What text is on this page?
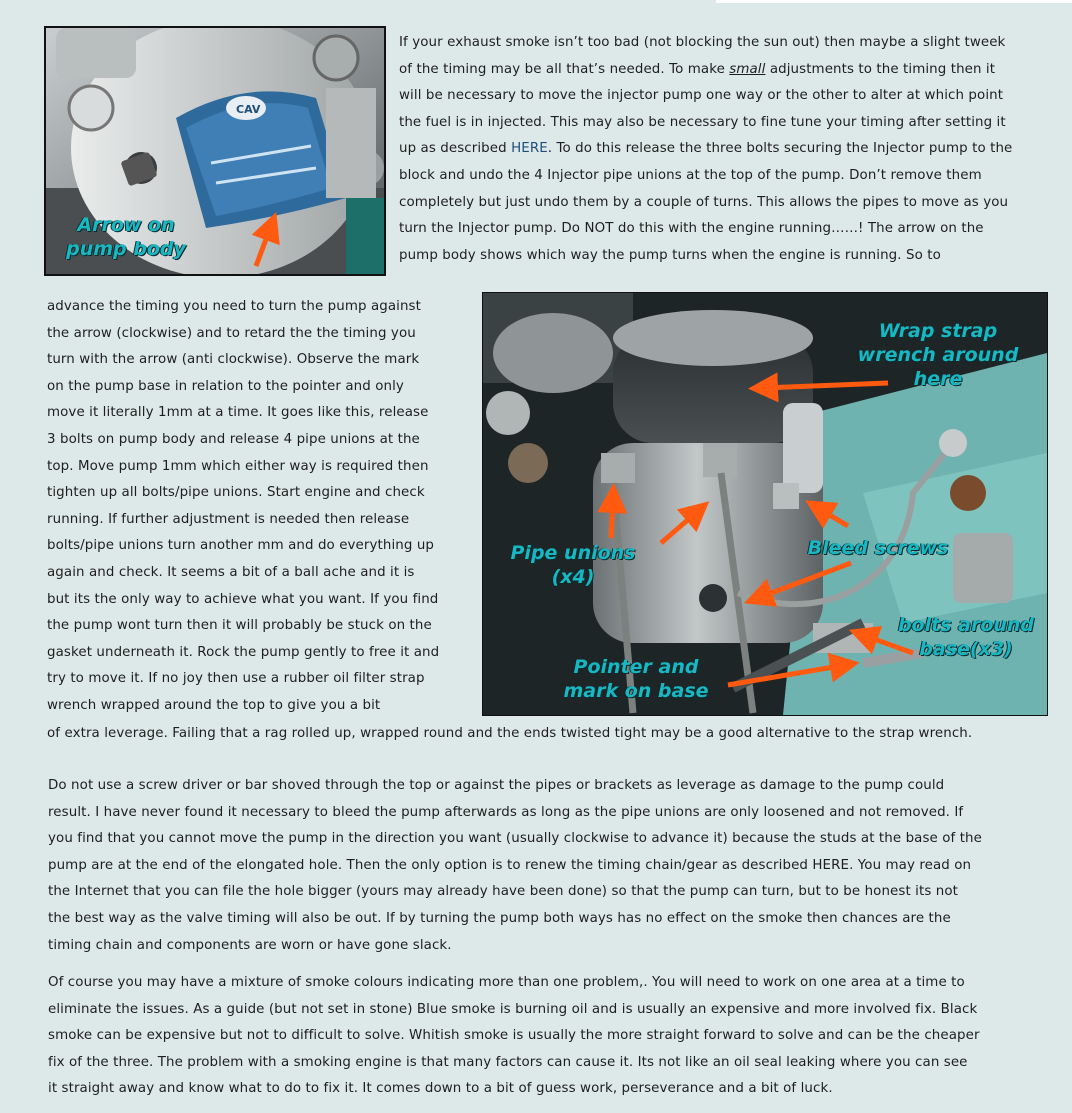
CAV
Arrow on
pump body
If your exhaust smoke isn’t too bad (not blocking the sun out) then maybe a slight tweek
of the timing may be all that’s needed. To make small adjustments to the timing then it
will be necessary to move the injector pump one way or the other to alter at which point
the fuel is in injected. This may also be necessary to fine tune your timing after setting it
up as described HERE. To do this release the three bolts securing the Injector pump to the
block and undo the 4 Injector pipe unions at the top of the pump. Don’t remove them
completely but just undo them by a couple of turns. This allows the pipes to move as you
turn the Injector pump. Do NOT do this with the engine running……! The arrow on the
pump body shows which way the pump turns when the engine is running. So to
advance the timing you need to turn the pump against
the arrow (clockwise) and to retard the the timing you
turn with the arrow (anti clockwise). Observe the mark
on the pump base in relation to the pointer and only
move it literally 1mm at a time. It goes like this, release
3 bolts on pump body and release 4 pipe unions at the
top. Move pump 1mm which either way is required then
tighten up all bolts/pipe unions. Start engine and check
running. If further adjustment is needed then release
bolts/pipe unions turn another mm and do everything up
again and check. It seems a bit of a ball ache and it is
but its the only way to achieve what you want. If you find
the pump wont turn then it will probably be stuck on the
gasket underneath it. Rock the pump gently to free it and
try to move it. If no joy then use a rubber oil filter strap
wrench wrapped around the top to give you a bit
of extra leverage. Failing that a rag rolled up, wrapped round and the ends twisted tight may be a good alternative to the strap wrench.
Wrap strap
wrench around
here
Pipe unions
(x4)
Bleed screws
bolts around
base(x3)
Pointer and
mark on base
Do not use a screw driver or bar shoved through the top or against the pipes or brackets as leverage as damage to the pump could
result. I have never found it necessary to bleed the pump afterwards as long as the pipe unions are only loosened and not removed. If
you find that you cannot move the pump in the direction you want (usually clockwise to advance it) because the studs at the base of the
pump are at the end of the elongated hole. Then the only option is to renew the timing chain/gear as described HERE. You may read on
the Internet that you can file the hole bigger (yours may already have been done) so that the pump can turn, but to be honest its not
the best way as the valve timing will also be out. If by turning the pump both ways has no effect on the smoke then chances are the
timing chain and components are worn or have gone slack.
Of course you may have a mixture of smoke colours indicating more than one problem,. You will need to work on one area at a time to
eliminate the issues. As a guide (but not set in stone) Blue smoke is burning oil and is usually an expensive and more involved fix. Black
smoke can be expensive but not to difficult to solve. Whitish smoke is usually the more straight forward to solve and can be the cheaper
fix of the three. The problem with a smoking engine is that many factors can cause it. Its not like an oil seal leaking where you can see
it straight away and know what to do to fix it. It comes down to a bit of guess work, perseverance and a bit of luck.
